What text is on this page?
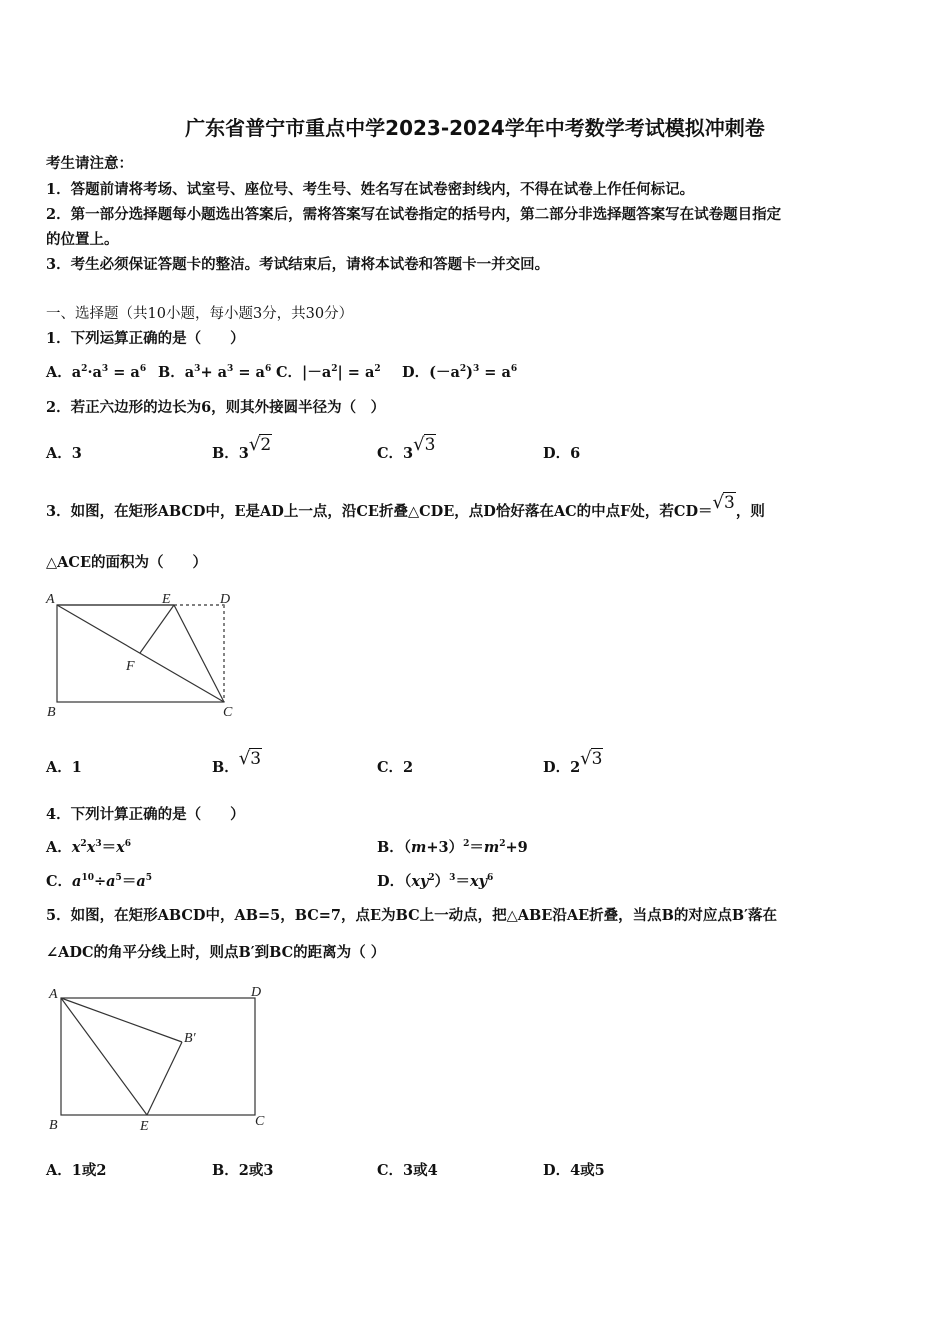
广东省普宁市重点中学2023-2024学年中考数学考试模拟冲刺卷
考生请注意：
1．答题前请将考场、试室号、座位号、考生号、姓名写在试卷密封线内，不得在试卷上作任何标记。
2．第一部分选择题每小题选出答案后，需将答案写在试卷指定的括号内，第二部分非选择题答案写在试卷题目指定
的位置上。
3．考生必须保证答题卡的整洁。考试结束后，请将本试卷和答题卡一并交回。
一、选择题（共10小题，每小题3分，共30分）
1．下列运算正确的是（　　）
A．$a^2\cdot a^3 = a^6$ B．$a^3+ a^3 = a^6$ C．$|-a^2| = a^2$ D．$(-a^2)^3 = a^6$
2．若正六边形的边长为6，则其外接圆半径为（　）
A．3	B．3√2	C．3√3	D．6
3．如图，在矩形ABCD中，E是AD上一点，沿CE折叠△CDE，点D恰好落在AC的中点F处，若CD＝√3，则
△ACE的面积为（　　）
A	E	D
F
B	C
A．1	B．√3	C．2	D．2√3
4．下列计算正确的是（　　）
A．$x^2x^3=x^6$	B．$(m+3)^2=m^2+9$
C．$a^{10}\div a^5=a^5$	D．$(xy^2)^3=xy^6$
5．如图，在矩形ABCD中，AB=5，BC=7，点E为BC上一动点，把△ABE沿AE折叠，当点B的对应点B′落在
∠ADC的角平分线上时，则点B′到BC的距离为（ ）
A	D
B′
B	E	C
A．1或2	B．2或3	C．3或4	D．4或5
